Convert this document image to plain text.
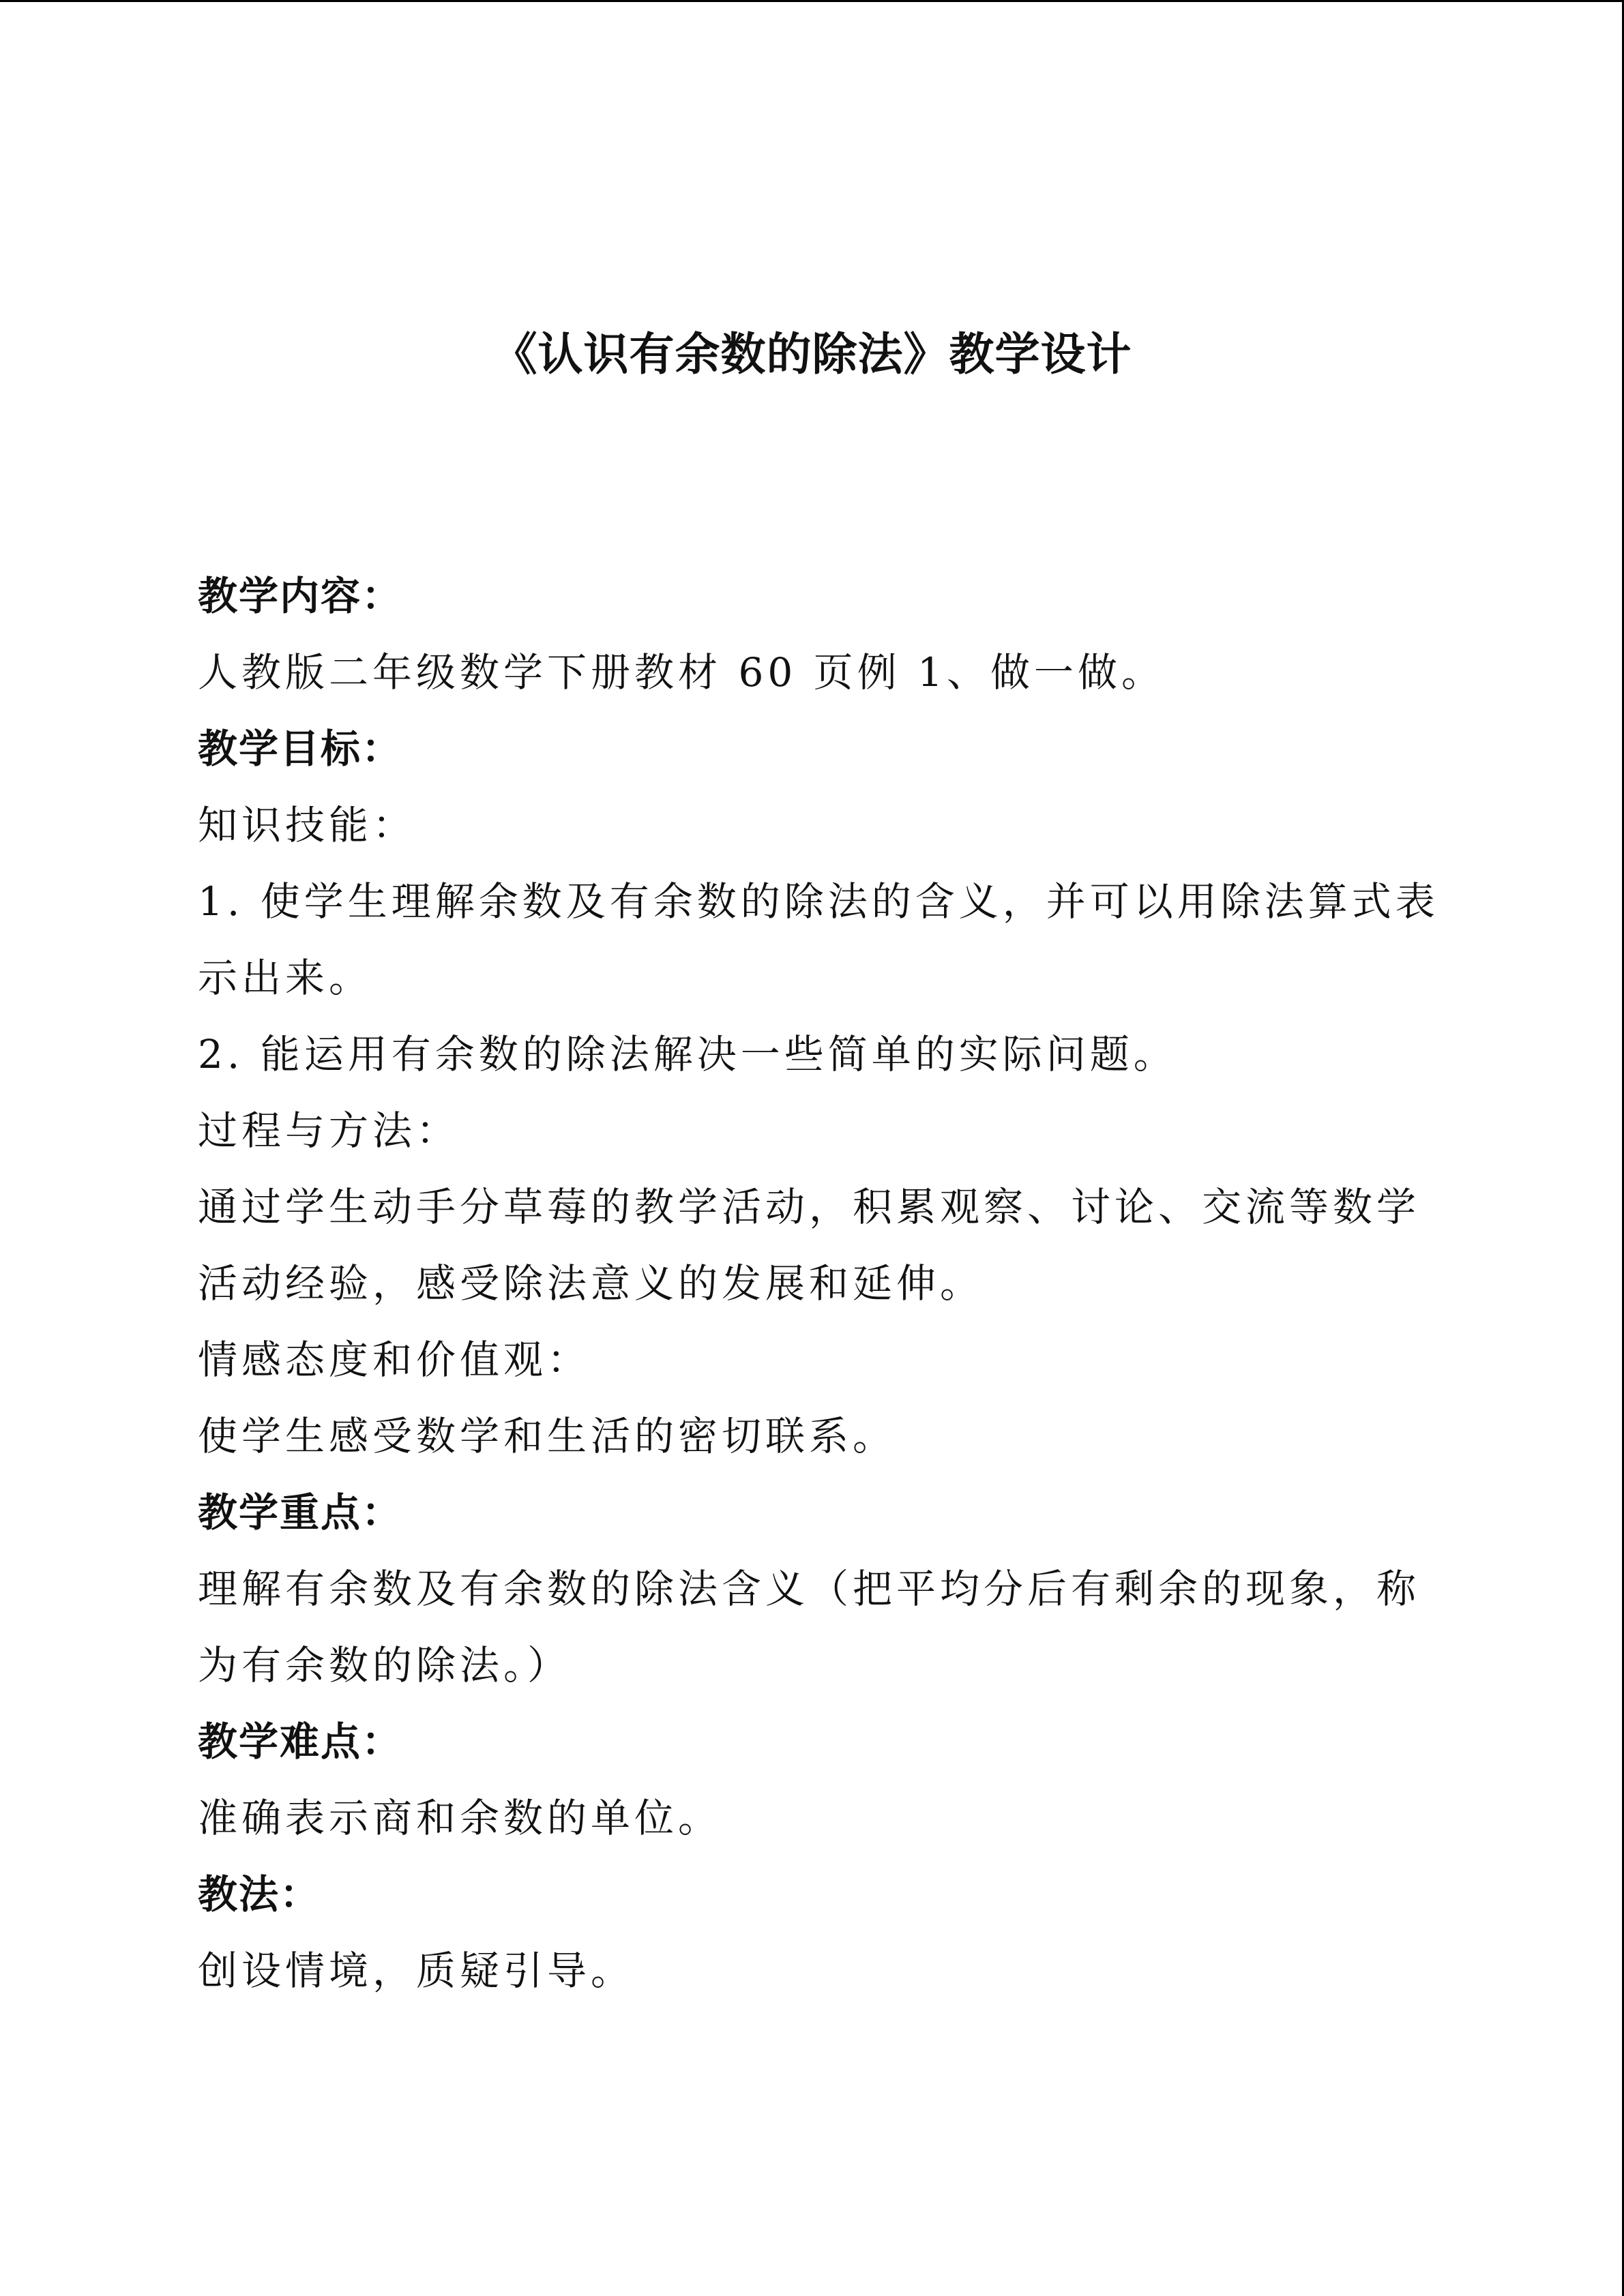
《认识有余数的除法》教学设计
教学内容：
人教版二年级数学下册教材 60 页例 1、做一做。
教学目标：
知识技能：
1. 使学生理解余数及有余数的除法的含义，并可以用除法算式表
示出来。
2. 能运用有余数的除法解决一些简单的实际问题。
过程与方法：
通过学生动手分草莓的教学活动，积累观察、讨论、交流等数学
活动经验，感受除法意义的发展和延伸。
情感态度和价值观：
使学生感受数学和生活的密切联系。
教学重点：
理解有余数及有余数的除法含义（把平均分后有剩余的现象，称
为有余数的除法。）
教学难点：
准确表示商和余数的单位。
教法：
创设情境，质疑引导。
